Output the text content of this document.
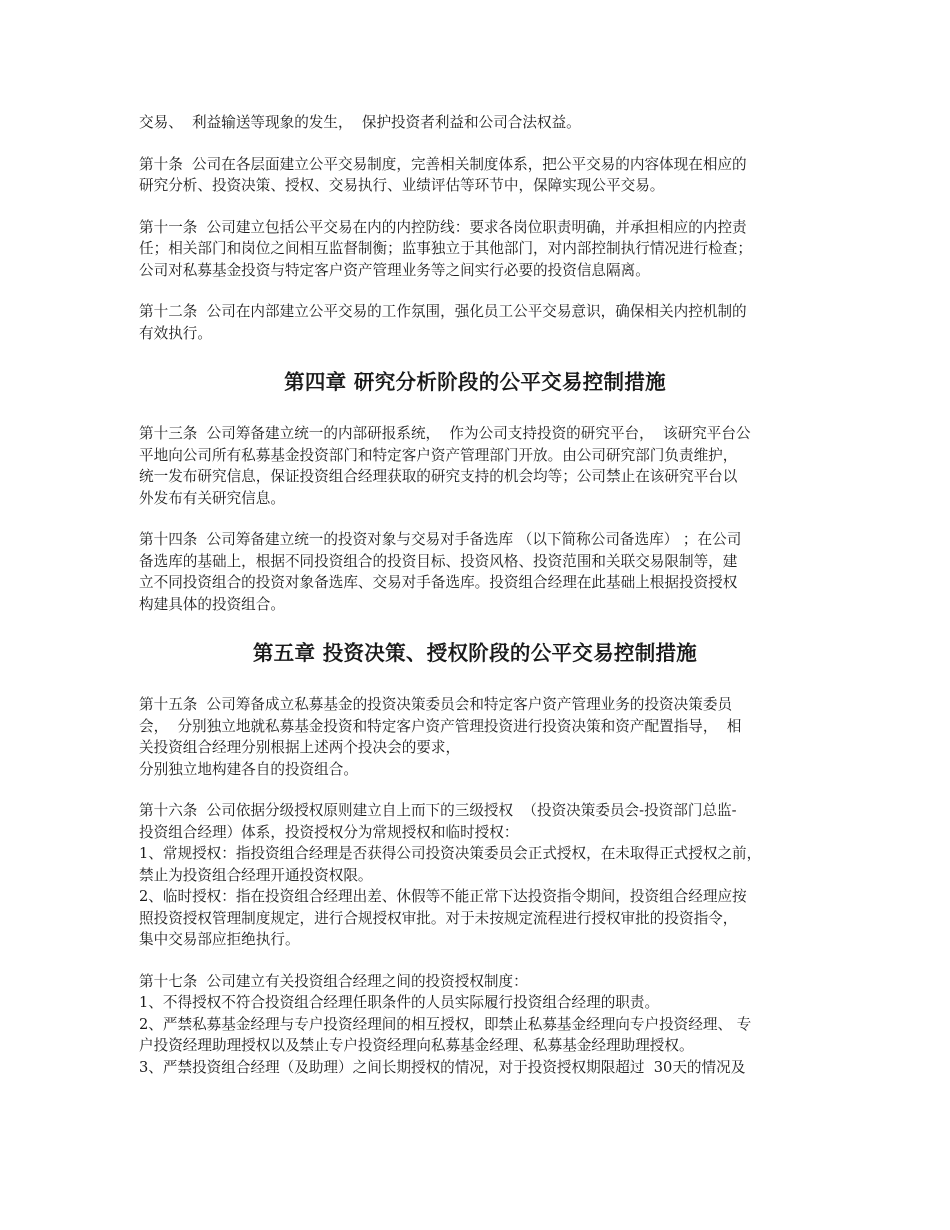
交易、  利益输送等现象的发生，  保护投资者利益和公司合法权益。

第十条  公司在各层面建立公平交易制度，完善相关制度体系，把公平交易的内容体现在相应的
研究分析、投资决策、授权、交易执行、业绩评估等环节中，保障实现公平交易。

第十一条  公司建立包括公平交易在内的内控防线：要求各岗位职责明确，并承担相应的内控责
任；相关部门和岗位之间相互监督制衡；监事独立于其他部门，对内部控制执行情况进行检查；
公司对私募基金投资与特定客户资产管理业务等之间实行必要的投资信息隔离。

第十二条  公司在内部建立公平交易的工作氛围，强化员工公平交易意识，确保相关内控机制的
有效执行。

第四章 研究分析阶段的公平交易控制措施

第十三条  公司筹备建立统一的内部研报系统，  作为公司支持投资的研究平台，  该研究平台公
平地向公司所有私募基金投资部门和特定客户资产管理部门开放。由公司研究部门负责维护，
统一发布研究信息，保证投资组合经理获取的研究支持的机会均等；公司禁止在该研究平台以
外发布有关研究信息。

第十四条  公司筹备建立统一的投资对象与交易对手备选库 （以下简称公司备选库） ；在公司
备选库的基础上，根据不同投资组合的投资目标、投资风格、投资范围和关联交易限制等，建
立不同投资组合的投资对象备选库、交易对手备选库。投资组合经理在此基础上根据投资授权
构建具体的投资组合。

第五章 投资决策、授权阶段的公平交易控制措施

第十五条  公司筹备成立私募基金的投资决策委员会和特定客户资产管理业务的投资决策委员
会，  分别独立地就私募基金投资和特定客户资产管理投资进行投资决策和资产配置指导，  相
关投资组合经理分别根据上述两个投决会的要求，
分别独立地构建各自的投资组合。

第十六条  公司依据分级授权原则建立自上而下的三级授权  （投资决策委员会-投资部门总监-
投资组合经理）体系，投资授权分为常规授权和临时授权：
1、常规授权：指投资组合经理是否获得公司投资决策委员会正式授权，在未取得正式授权之前，
禁止为投资组合经理开通投资权限。
2、临时授权：指在投资组合经理出差、休假等不能正常下达投资指令期间，投资组合经理应按
照投资授权管理制度规定，进行合规授权审批。对于未按规定流程进行授权审批的投资指令，
集中交易部应拒绝执行。

第十七条  公司建立有关投资组合经理之间的投资授权制度：
1、不得授权不符合投资组合经理任职条件的人员实际履行投资组合经理的职责。
2、严禁私募基金经理与专户投资经理间的相互授权，即禁止私募基金经理向专户投资经理、 专
户投资经理助理授权以及禁止专户投资经理向私募基金经理、私募基金经理助理授权。
3、严禁投资组合经理（及助理）之间长期授权的情况，对于投资授权期限超过  30天的情况及
